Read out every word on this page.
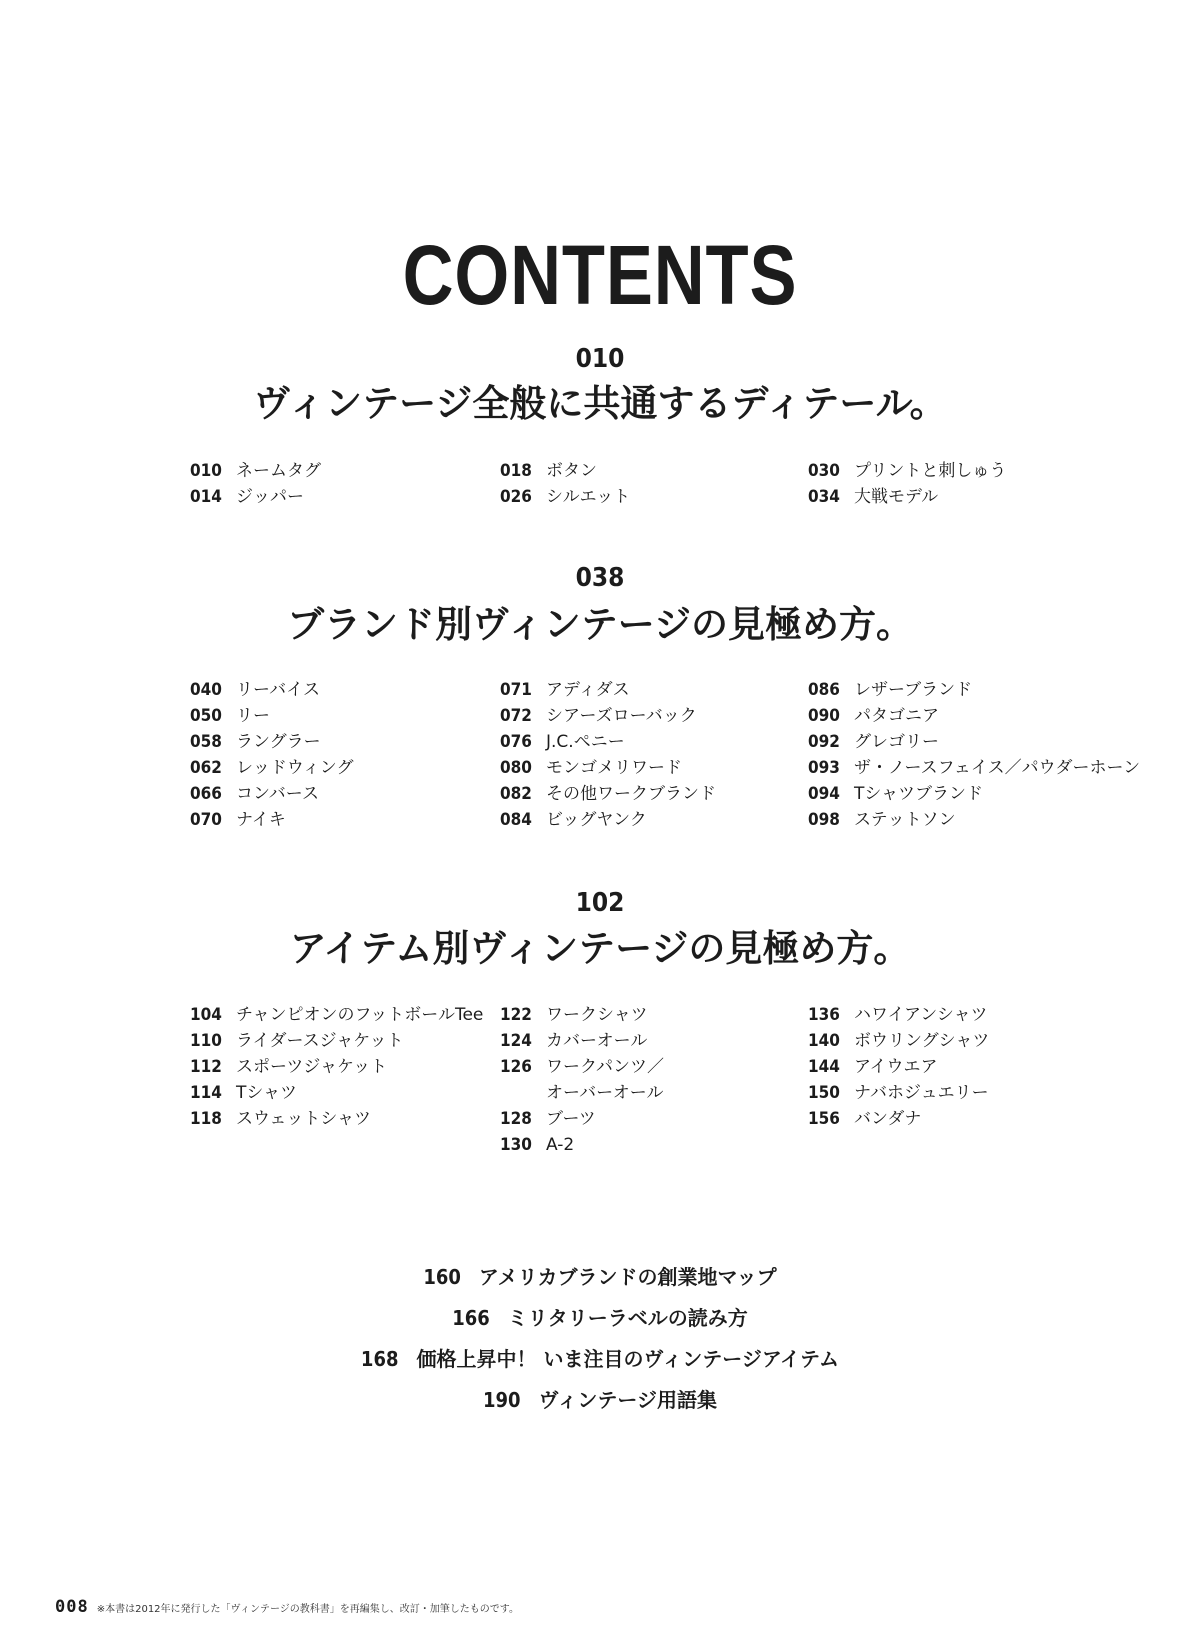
CONTENTS
010
ヴィンテージ全般に共通するディテール。
010 ネームタグ
014 ジッパー
018 ボタン
026 シルエット
030 プリントと刺しゅう
034 大戦モデル
038
ブランド別ヴィンテージの見極め方。
040 リーバイス
050 リー
058 ラングラー
062 レッドウィング
066 コンバース
070 ナイキ
071 アディダス
072 シアーズローバック
076 J.C.ペニー
080 モンゴメリワード
082 その他ワークブランド
084 ビッグヤンク
086 レザーブランド
090 パタゴニア
092 グレゴリー
093 ザ・ノースフェイス／パウダーホーン
094 Tシャツブランド
098 ステットソン
102
アイテム別ヴィンテージの見極め方。
104 チャンピオンのフットボールTee
110 ライダースジャケット
112 スポーツジャケット
114 Tシャツ
118 スウェットシャツ
122 ワークシャツ
124 カバーオール
126 ワークパンツ／
オーバーオール
128 ブーツ
130 A-2
136 ハワイアンシャツ
140 ボウリングシャツ
144 アイウエア
150 ナバホジュエリー
156 バンダナ
160 アメリカブランドの創業地マップ
166 ミリタリーラベルの読み方
168 価格上昇中！ いま注目のヴィンテージアイテム
190 ヴィンテージ用語集
008 ※本書は2012年に発行した「ヴィンテージの教科書」を再編集し、改訂・加筆したものです。
